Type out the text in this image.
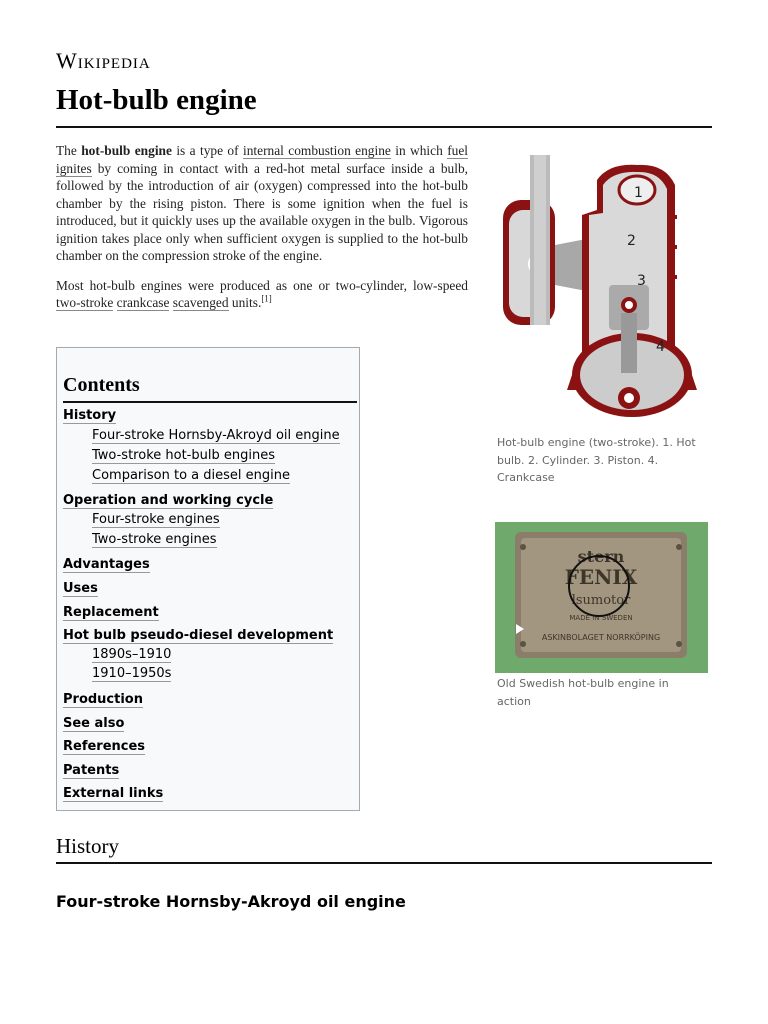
Wikipedia
Hot-bulb engine

The hot-bulb engine is a type of internal combustion engine in which fuel ignites by coming in contact with a red-hot metal surface inside a bulb, followed by the introduction of air (oxygen) compressed into the hot-bulb chamber by the rising piston. There is some ignition when the fuel is introduced, but it quickly uses up the available oxygen in the bulb. Vigorous ignition takes place only when sufficient oxygen is supplied to the hot-bulb chamber on the compression stroke of the engine.

Most hot-bulb engines were produced as one or two-cylinder, low-speed two-stroke crankcase scavenged units.[1]

Contents
History
Four-stroke Hornsby-Akroyd oil engine
Two-stroke hot-bulb engines
Comparison to a diesel engine
Operation and working cycle
Four-stroke engines
Two-stroke engines
Advantages
Uses
Replacement
Hot bulb pseudo-diesel development
1890s–1910
1910–1950s
Production
See also
References
Patents
External links
1
2
3
4
Hot-bulb engine (two-stroke). 1. Hot bulb. 2. Cylinder. 3. Piston. 4. Crankcase
stern
FENIX
lsumotor
MADE IN SWEDEN
ASKINBOLAGET NORRKÖPING
Old Swedish hot-bulb engine in action
History
Four-stroke Hornsby-Akroyd oil engine
